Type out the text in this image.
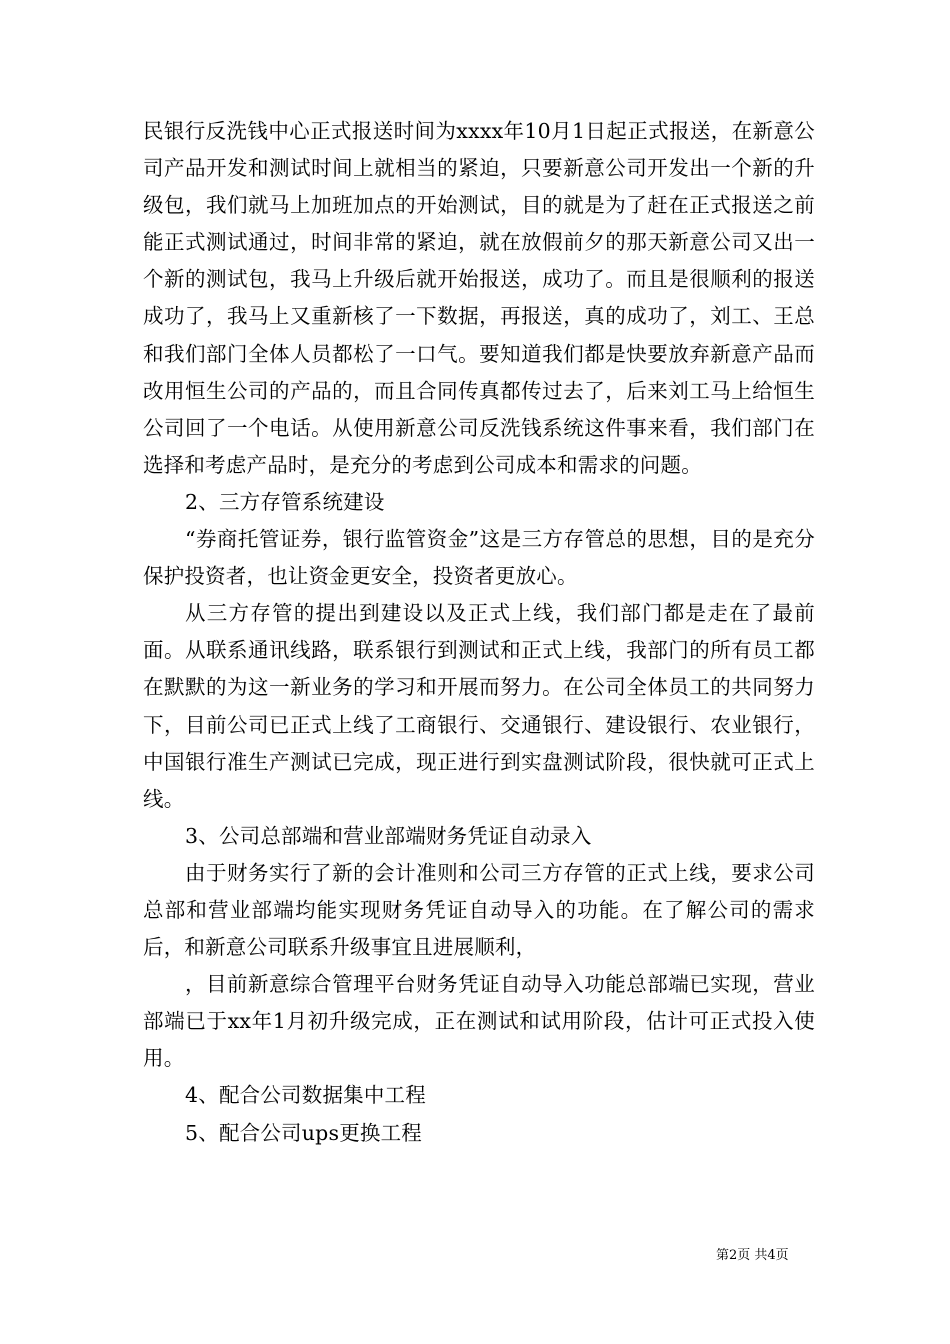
民银行反洗钱中心正式报送时间为xxxx年10月1日起正式报送，在新意公司产品开发和测试时间上就相当的紧迫，只要新意公司开发出一个新的升级包，我们就马上加班加点的开始测试，目的就是为了赶在正式报送之前能正式测试通过，时间非常的紧迫，就在放假前夕的那天新意公司又出一个新的测试包，我马上升级后就开始报送，成功了。而且是很顺利的报送成功了，我马上又重新核了一下数据，再报送，真的成功了，刘工、王总和我们部门全体人员都松了一口气。要知道我们都是快要放弃新意产品而改用恒生公司的产品的，而且合同传真都传过去了，后来刘工马上给恒生公司回了一个电话。从使用新意公司反洗钱系统这件事来看，我们部门在选择和考虑产品时，是充分的考虑到公司成本和需求的问题。

2、三方存管系统建设

“券商托管证券，银行监管资金”这是三方存管总的思想，目的是充分保护投资者，也让资金更安全，投资者更放心。

从三方存管的提出到建设以及正式上线，我们部门都是走在了最前面。从联系通讯线路，联系银行到测试和正式上线，我部门的所有员工都在默默的为这一新业务的学习和开展而努力。在公司全体员工的共同努力下，目前公司已正式上线了工商银行、交通银行、建设银行、农业银行，中国银行准生产测试已完成，现正进行到实盘测试阶段，很快就可正式上线。

3、公司总部端和营业部端财务凭证自动录入

由于财务实行了新的会计准则和公司三方存管的正式上线，要求公司总部和营业部端均能实现财务凭证自动导入的功能。在了解公司的需求后，和新意公司联系升级事宜且进展顺利，

，目前新意综合管理平台财务凭证自动导入功能总部端已实现，营业部端已于xx年1月初升级完成，正在测试和试用阶段，估计可正式投入使用。

4、配合公司数据集中工程

5、配合公司ups更换工程

第2页 共4页
